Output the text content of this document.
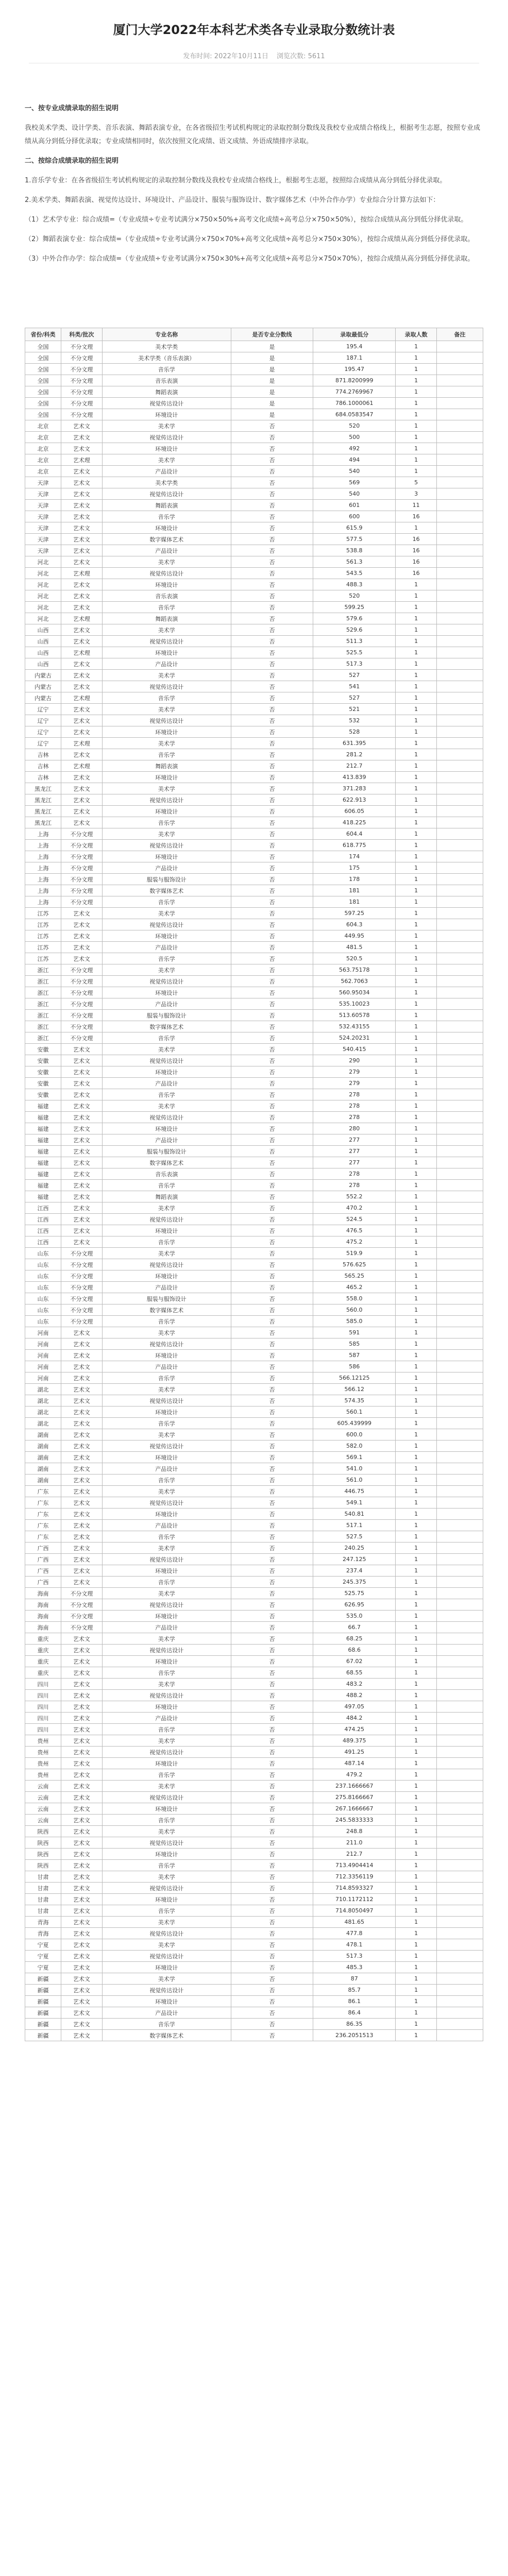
厦门大学2022年本科艺术类各专业录取分数统计表
发布时间: 2022年10月11日 浏览次数: 5611

一、按专业成绩录取的招生说明

我校美术学类、设计学类、音乐表演、舞蹈表演专业，在各省级招生考试机构规定的录取控制分数线及我校专业成绩合格线上，根据考生志愿，按照专业成绩从高分到低分择优录取；专业成绩相同时，依次按照文化成绩、语文成绩、外语成绩排序录取。

二、按综合成绩录取的招生说明

1.音乐学专业：在各省级招生考试机构规定的录取控制分数线及我校专业成绩合格线上，根据考生志愿，按照综合成绩从高分到低分择优录取。

2.美术学类、舞蹈表演、视觉传达设计、环境设计、产品设计、服装与服饰设计、数字媒体艺术（中外合作办学）专业综合分计算方法如下：

（1）艺术学专业：综合成绩=（专业成绩÷专业考试满分×750×50%+高考文化成绩÷高考总分×750×50%），按综合成绩从高分到低分择优录取。

（2）舞蹈表演专业：综合成绩=（专业成绩÷专业考试满分×750×70%+高考文化成绩÷高考总分×750×30%），按综合成绩从高分到低分择优录取。

（3）中外合作办学：综合成绩=（专业成绩÷专业考试满分×750×30%+高考文化成绩÷高考总分×750×70%），按综合成绩从高分到低分择优录取。

省份/科类	科类/批次	专业名称	是否专业分数线	录取最低分	录取人数	备注
全国	不分文理	美术学类	是	195.4	1	
全国	不分文理	美术学类（音乐表演）	是	187.1	1	
全国	不分文理	音乐学	是	195.47	1	
全国	不分文理	音乐表演	是	871.8200999	1	
全国	不分文理	舞蹈表演	是	774.2769967	1	
全国	不分文理	视觉传达设计	是	786.1000061	1	
全国	不分文理	环境设计	是	684.0583547	1	
北京	艺术文	美术学	否	520	1	
北京	艺术文	视觉传达设计	否	500	1	
北京	艺术文	环境设计	否	492	1	
北京	艺术理	美术学	否	494	1	
北京	艺术文	产品设计	否	540	1	
天津	艺术文	美术学类	否	569	5	
天津	艺术文	视觉传达设计	否	540	3	
天津	艺术文	舞蹈表演	否	601	11	
天津	艺术文	音乐学	否	600	16	
天津	艺术文	环境设计	否	615.9	1	
天津	艺术文	数字媒体艺术	否	577.5	16	
天津	艺术文	产品设计	否	538.8	16	
河北	艺术文	美术学	否	561.3	16	
河北	艺术理	视觉传达设计	否	543.5	16	
河北	艺术文	环境设计	否	488.3	1	
河北	艺术文	音乐表演	否	520	1	
河北	艺术文	音乐学	否	599.25	1	
河北	艺术理	舞蹈表演	否	579.6	1	
山西	艺术文	美术学	否	529.6	1	
山西	艺术文	视觉传达设计	否	511.3	1	
山西	艺术理	环境设计	否	525.5	1	
山西	艺术文	产品设计	否	517.3	1	
内蒙古	艺术文	美术学	否	527	1	
内蒙古	艺术文	视觉传达设计	否	541	1	
内蒙古	艺术理	音乐学	否	527	1	
辽宁	艺术文	美术学	否	521	1	
辽宁	艺术文	视觉传达设计	否	532	1	
辽宁	艺术文	环境设计	否	528	1	
辽宁	艺术理	美术学	否	631.395	1	
吉林	艺术文	音乐学	否	281.2	1	
吉林	艺术理	舞蹈表演	否	212.7	1	
吉林	艺术文	环境设计	否	413.839	1	
黑龙江	艺术文	美术学	否	371.283	1	
黑龙江	艺术文	视觉传达设计	否	622.913	1	
黑龙江	艺术文	环境设计	否	606.05	1	
黑龙江	艺术文	音乐学	否	418.225	1	
上海	不分文理	美术学	否	604.4	1	
上海	不分文理	视觉传达设计	否	618.775	1	
上海	不分文理	环境设计	否	174	1	
上海	不分文理	产品设计	否	175	1	
上海	不分文理	服装与服饰设计	否	178	1	
上海	不分文理	数字媒体艺术	否	181	1	
上海	不分文理	音乐学	否	181	1	
江苏	艺术文	美术学	否	597.25	1	
江苏	艺术文	视觉传达设计	否	604.3	1	
江苏	艺术文	环境设计	否	449.95	1	
江苏	艺术文	产品设计	否	481.5	1	
江苏	艺术文	音乐学	否	520.5	1	
浙江	不分文理	美术学	否	563.75178	1	
浙江	不分文理	视觉传达设计	否	562.7063	1	
浙江	不分文理	环境设计	否	560.95034	1	
浙江	不分文理	产品设计	否	535.10023	1	
浙江	不分文理	服装与服饰设计	否	513.60578	1	
浙江	不分文理	数字媒体艺术	否	532.43155	1	
浙江	不分文理	音乐学	否	524.20231	1	
安徽	艺术文	美术学	否	540.415	1	
安徽	艺术文	视觉传达设计	否	290	1	
安徽	艺术文	环境设计	否	279	1	
安徽	艺术文	产品设计	否	279	1	
安徽	艺术文	音乐学	否	278	1	
福建	艺术文	美术学	否	278	1	
福建	艺术文	视觉传达设计	否	278	1	
福建	艺术文	环境设计	否	280	1	
福建	艺术文	产品设计	否	277	1	
福建	艺术文	服装与服饰设计	否	277	1	
福建	艺术文	数字媒体艺术	否	277	1	
福建	艺术文	音乐表演	否	278	1	
福建	艺术文	音乐学	否	278	1	
福建	艺术文	舞蹈表演	否	552.2	1	
江西	艺术文	美术学	否	470.2	1	
江西	艺术文	视觉传达设计	否	524.5	1	
江西	艺术文	环境设计	否	476.5	1	
江西	艺术文	音乐学	否	475.2	1	
山东	不分文理	美术学	否	519.9	1	
山东	不分文理	视觉传达设计	否	576.625	1	
山东	不分文理	环境设计	否	565.25	1	
山东	不分文理	产品设计	否	465.2	1	
山东	不分文理	服装与服饰设计	否	558.0	1	
山东	不分文理	数字媒体艺术	否	560.0	1	
山东	不分文理	音乐学	否	585.0	1	
河南	艺术文	美术学	否	591	1	
河南	艺术文	视觉传达设计	否	585	1	
河南	艺术文	环境设计	否	587	1	
河南	艺术文	产品设计	否	586	1	
河南	艺术文	音乐学	否	566.12125	1	
湖北	艺术文	美术学	否	566.12	1	
湖北	艺术文	视觉传达设计	否	574.35	1	
湖北	艺术文	环境设计	否	560.1	1	
湖北	艺术文	音乐学	否	605.439999	1	
湖南	艺术文	美术学	否	600.0	1	
湖南	艺术文	视觉传达设计	否	582.0	1	
湖南	艺术文	环境设计	否	569.1	1	
湖南	艺术文	产品设计	否	541.0	1	
湖南	艺术文	音乐学	否	561.0	1	
广东	艺术文	美术学	否	446.75	1	
广东	艺术文	视觉传达设计	否	549.1	1	
广东	艺术文	环境设计	否	540.81	1	
广东	艺术文	产品设计	否	517.1	1	
广东	艺术文	音乐学	否	527.5	1	
广西	艺术文	美术学	否	240.25	1	
广西	艺术文	视觉传达设计	否	247.125	1	
广西	艺术文	环境设计	否	237.4	1	
广西	艺术文	音乐学	否	245.375	1	
海南	不分文理	美术学	否	525.75	1	
海南	不分文理	视觉传达设计	否	626.95	1	
海南	不分文理	环境设计	否	535.0	1	
海南	不分文理	产品设计	否	66.7	1	
重庆	艺术文	美术学	否	68.25	1	
重庆	艺术文	视觉传达设计	否	68.6	1	
重庆	艺术文	环境设计	否	67.02	1	
重庆	艺术文	音乐学	否	68.55	1	
四川	艺术文	美术学	否	483.2	1	
四川	艺术文	视觉传达设计	否	488.2	1	
四川	艺术文	环境设计	否	497.05	1	
四川	艺术文	产品设计	否	484.2	1	
四川	艺术文	音乐学	否	474.25	1	
贵州	艺术文	美术学	否	489.375	1	
贵州	艺术文	视觉传达设计	否	491.25	1	
贵州	艺术文	环境设计	否	487.14	1	
贵州	艺术文	音乐学	否	479.2	1	
云南	艺术文	美术学	否	237.1666667	1	
云南	艺术文	视觉传达设计	否	275.8166667	1	
云南	艺术文	环境设计	否	267.1666667	1	
云南	艺术文	音乐学	否	245.5833333	1	
陕西	艺术文	美术学	否	248.8	1	
陕西	艺术文	视觉传达设计	否	211.0	1	
陕西	艺术文	环境设计	否	212.7	1	
陕西	艺术文	音乐学	否	713.4904414	1	
甘肃	艺术文	美术学	否	712.3356119	1	
甘肃	艺术文	视觉传达设计	否	714.8593327	1	
甘肃	艺术文	环境设计	否	710.1172112	1	
甘肃	艺术文	音乐学	否	714.8050497	1	
青海	艺术文	美术学	否	481.65	1	
青海	艺术文	视觉传达设计	否	477.8	1	
宁夏	艺术文	美术学	否	478.1	1	
宁夏	艺术文	视觉传达设计	否	517.3	1	
宁夏	艺术文	环境设计	否	485.3	1	
新疆	艺术文	美术学	否	87	1	
新疆	艺术文	视觉传达设计	否	85.7	1	
新疆	艺术文	环境设计	否	86.1	1	
新疆	艺术文	产品设计	否	86.4	1	
新疆	艺术文	音乐学	否	86.35	1	
新疆	艺术文	数字媒体艺术	否	236.2051513	1	
